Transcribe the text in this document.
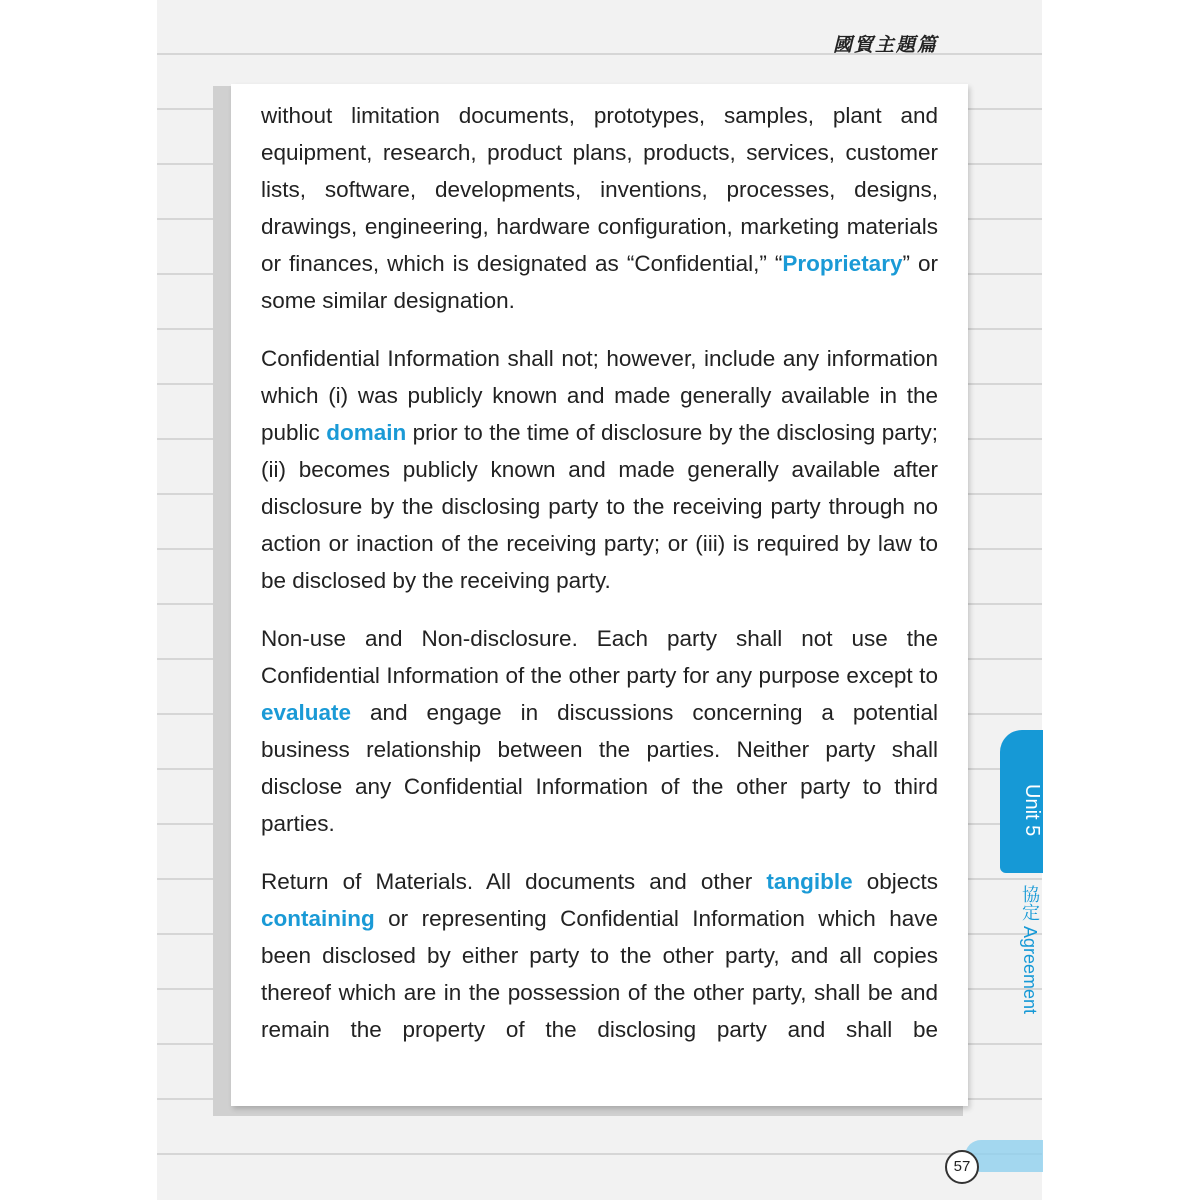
國貿主題篇

without limitation documents, prototypes, samples, plant and equipment, research, product plans, products, services, customer lists, software, developments, inventions, processes, designs, drawings, engineering, hardware configuration, marketing materials or finances, which is designated as “Confidential,” “Proprietary” or some similar designation.

Confidential Information shall not; however, include any information which (i) was publicly known and made generally available in the public domain prior to the time of disclosure by the disclosing party; (ii) becomes publicly known and made generally available after disclosure by the disclosing party to the receiving party through no action or inaction of the receiving party; or (iii) is required by law to be disclosed by the receiving party.

Non-use and Non-disclosure. Each party shall not use the Confidential Information of the other party for any purpose except to evaluate and engage in discussions concerning a potential business relationship between the parties. Neither party shall disclose any Confidential Information of the other party to third parties.

Return of Materials. All documents and other tangible objects containing or representing Confidential Information which have been disclosed by either party to the other party, and all copies thereof which are in the possession of the other party, shall be and remain the property of the disclosing party and shall be

Unit 5
協定 Agreement
57
